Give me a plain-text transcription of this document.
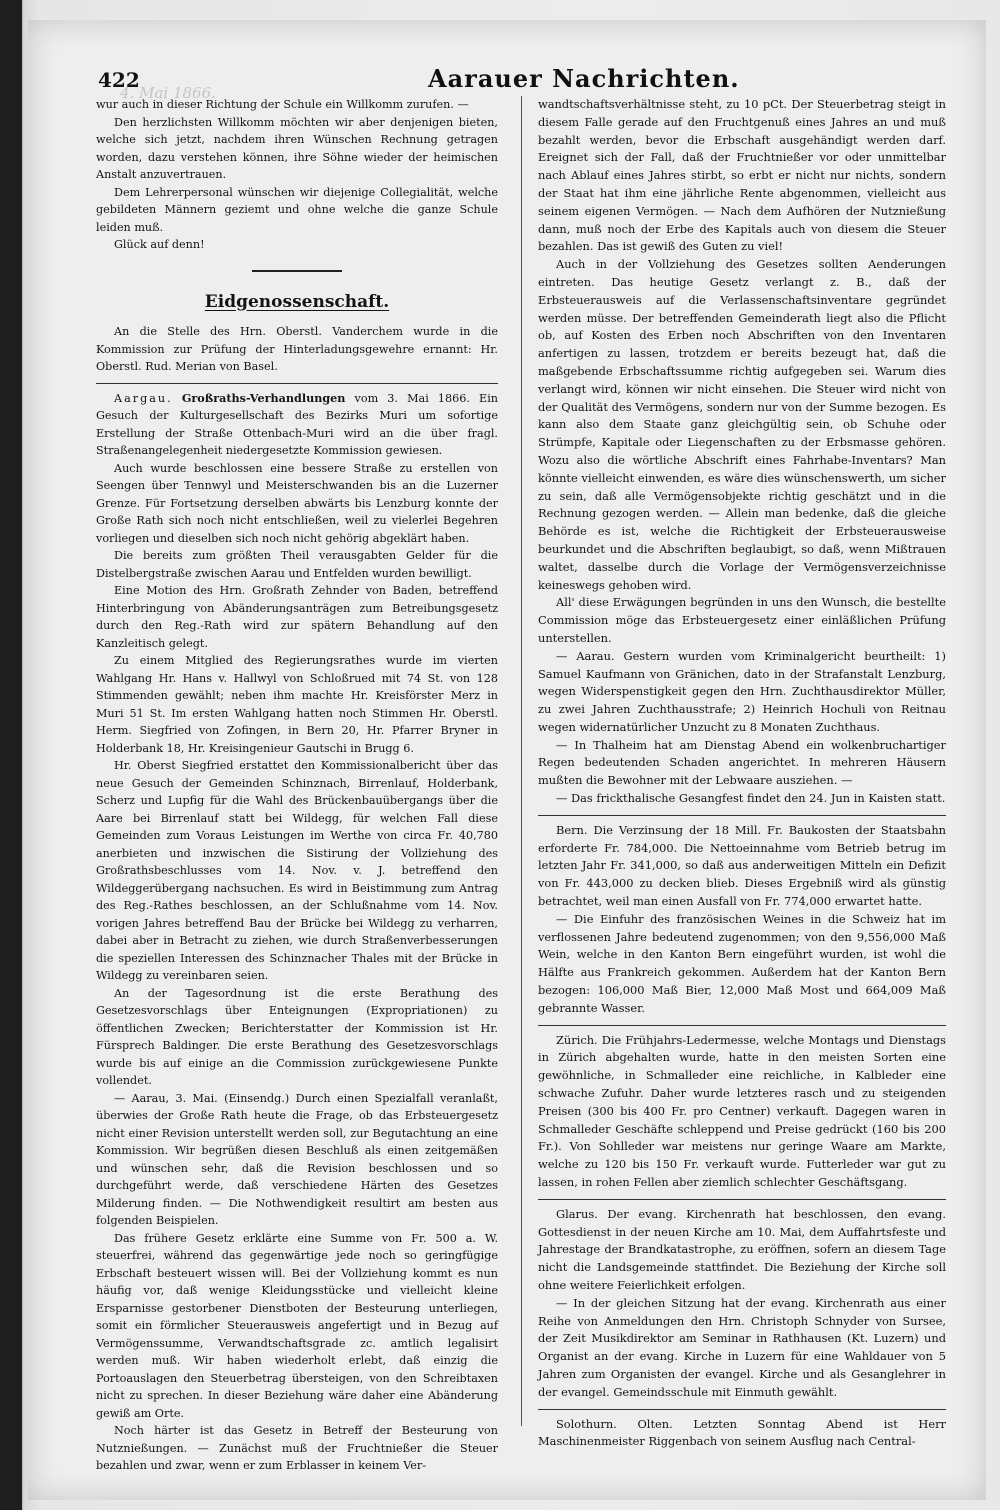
4. Mai 1866.
422	Aarauer Nachrichten.

wur auch in dieser Richtung der Schule ein Willkomm zurufen. —

Den herzlichsten Willkomm möchten wir aber denjenigen bieten, welche sich jetzt, nachdem ihren Wünschen Rechnung getragen worden, dazu verstehen können, ihre Söhne wieder der heimischen Anstalt anzuvertrauen.

Dem Lehrerpersonal wünschen wir diejenige Collegialität, welche gebildeten Männern geziemt und ohne welche die ganze Schule leiden muß.

Glück auf denn!

Eidgenossenschaft.

An die Stelle des Hrn. Oberstl. Vanderchem wurde in die Kommission zur Prüfung der Hinterladungsgewehre ernannt: Hr. Oberstl. Rud. Merian von Basel.

Aargau. Großraths-Verhandlungen vom 3. Mai 1866. Ein Gesuch der Kulturgesellschaft des Bezirks Muri um sofortige Erstellung der Straße Ottenbach-Muri wird an die über fragl. Straßenangelegenheit niedergesetzte Kommission gewiesen.

Auch wurde beschlossen eine bessere Straße zu erstellen von Seengen über Tennwyl und Meisterschwanden bis an die Luzerner Grenze. Für Fortsetzung derselben abwärts bis Lenzburg konnte der Große Rath sich noch nicht entschließen, weil zu vielerlei Begehren vorliegen und dieselben sich noch nicht gehörig abgeklärt haben.

Die bereits zum größten Theil verausgabten Gelder für die Distelbergstraße zwischen Aarau und Entfelden wurden bewilligt.

Eine Motion des Hrn. Großrath Zehnder von Baden, betreffend Hinterbringung von Abänderungsanträgen zum Betreibungsgesetz durch den Reg.-Rath wird zur spätern Behandlung auf den Kanzleitisch gelegt.

Zu einem Mitglied des Regierungsrathes wurde im vierten Wahlgang Hr. Hans v. Hallwyl von Schloßrued mit 74 St. von 128 Stimmenden gewählt; neben ihm machte Hr. Kreisförster Merz in Muri 51 St. Im ersten Wahlgang hatten noch Stimmen Hr. Oberstl. Herm. Siegfried von Zofingen, in Bern 20, Hr. Pfarrer Bryner in Holderbank 18, Hr. Kreisingenieur Gautschi in Brugg 6.

Hr. Oberst Siegfried erstattet den Kommissionalbericht über das neue Gesuch der Gemeinden Schinznach, Birrenlauf, Holderbank, Scherz und Lupfig für die Wahl des Brückenbauübergangs über die Aare bei Birrenlauf statt bei Wildegg, für welchen Fall diese Gemeinden zum Voraus Leistungen im Werthe von circa Fr. 40,780 anerbieten und inzwischen die Sistirung der Vollziehung des Großrathsbeschlusses vom 14. Nov. v. J. betreffend den Wildeggerübergang nachsuchen. Es wird in Beistimmung zum Antrag des Reg.-Rathes beschlossen, an der Schlußnahme vom 14. Nov. vorigen Jahres betreffend Bau der Brücke bei Wildegg zu verharren, dabei aber in Betracht zu ziehen, wie durch Straßenverbesserungen die speziellen Interessen des Schinznacher Thales mit der Brücke in Wildegg zu vereinbaren seien.

An der Tagesordnung ist die erste Berathung des Gesetzesvorschlags über Enteignungen (Expropriationen) zu öffentlichen Zwecken; Berichterstatter der Kommission ist Hr. Fürsprech Baldinger. Die erste Berathung des Gesetzesvorschlags wurde bis auf einige an die Commission zurückgewiesene Punkte vollendet.

— Aarau, 3. Mai. (Einsendg.) Durch einen Spezialfall veranlaßt, überwies der Große Rath heute die Frage, ob das Erbsteuergesetz nicht einer Revision unterstellt werden soll, zur Begutachtung an eine Kommission. Wir begrüßen diesen Beschluß als einen zeitgemäßen und wünschen sehr, daß die Revision beschlossen und so durchgeführt werde, daß verschiedene Härten des Gesetzes Milderung finden. — Die Nothwendigkeit resultirt am besten aus folgenden Beispielen.

Das frühere Gesetz erklärte eine Summe von Fr. 500 a. W. steuerfrei, während das gegenwärtige jede noch so geringfügige Erbschaft besteuert wissen will. Bei der Vollziehung kommt es nun häufig vor, daß wenige Kleidungsstücke und vielleicht kleine Ersparnisse gestorbener Dienstboten der Besteurung unterliegen, somit ein förmlicher Steuerausweis angefertigt und in Bezug auf Vermögenssumme, Verwandtschaftsgrade zc. amtlich legalisirt werden muß. Wir haben wiederholt erlebt, daß einzig die Portoauslagen den Steuerbetrag übersteigen, von den Schreibtaxen nicht zu sprechen. In dieser Beziehung wäre daher eine Abänderung gewiß am Orte.

Noch härter ist das Gesetz in Betreff der Besteurung von Nutznießungen. — Zunächst muß der Fruchtnießer die Steuer bezahlen und zwar, wenn er zum Erblasser in keinem Ver-

wandtschaftsverhältnisse steht, zu 10 pCt. Der Steuerbetrag steigt in diesem Falle gerade auf den Fruchtgenuß eines Jahres an und muß bezahlt werden, bevor die Erbschaft ausgehändigt werden darf. Ereignet sich der Fall, daß der Fruchtnießer vor oder unmittelbar nach Ablauf eines Jahres stirbt, so erbt er nicht nur nichts, sondern der Staat hat ihm eine jährliche Rente abgenommen, vielleicht aus seinem eigenen Vermögen. — Nach dem Aufhören der Nutznießung dann, muß noch der Erbe des Kapitals auch von diesem die Steuer bezahlen. Das ist gewiß des Guten zu viel!

Auch in der Vollziehung des Gesetzes sollten Aenderungen eintreten. Das heutige Gesetz verlangt z. B., daß der Erbsteuerausweis auf die Verlassenschaftsinventare gegründet werden müsse. Der betreffenden Gemeinderath liegt also die Pflicht ob, auf Kosten des Erben noch Abschriften von den Inventaren anfertigen zu lassen, trotzdem er bereits bezeugt hat, daß die maßgebende Erbschaftssumme richtig aufgegeben sei. Warum dies verlangt wird, können wir nicht einsehen. Die Steuer wird nicht von der Qualität des Vermögens, sondern nur von der Summe bezogen. Es kann also dem Staate ganz gleichgültig sein, ob Schuhe oder Strümpfe, Kapitale oder Liegenschaften zu der Erbsmasse gehören. Wozu also die wörtliche Abschrift eines Fahrhabe-Inventars? Man könnte vielleicht einwenden, es wäre dies wünschenswerth, um sicher zu sein, daß alle Vermögensobjekte richtig geschätzt und in die Rechnung gezogen werden. — Allein man bedenke, daß die gleiche Behörde es ist, welche die Richtigkeit der Erbsteuerausweise beurkundet und die Abschriften beglaubigt, so daß, wenn Mißtrauen waltet, dasselbe durch die Vorlage der Vermögensverzeichnisse keineswegs gehoben wird.

All' diese Erwägungen begründen in uns den Wunsch, die bestellte Commission möge das Erbsteuergesetz einer einläßlichen Prüfung unterstellen.

— Aarau. Gestern wurden vom Kriminalgericht beurtheilt: 1) Samuel Kaufmann von Gränichen, dato in der Strafanstalt Lenzburg, wegen Widerspenstigkeit gegen den Hrn. Zuchthausdirektor Müller, zu zwei Jahren Zuchthausstrafe; 2) Heinrich Hochuli von Reitnau wegen widernatürlicher Unzucht zu 8 Monaten Zuchthaus.

— In Thalheim hat am Dienstag Abend ein wolkenbruchartiger Regen bedeutenden Schaden angerichtet. In mehreren Häusern mußten die Bewohner mit der Lebwaare ausziehen. —

— Das frickthalische Gesangfest findet den 24. Jun in Kaisten statt.

Bern. Die Verzinsung der 18 Mill. Fr. Baukosten der Staatsbahn erforderte Fr. 784,000. Die Nettoeinnahme vom Betrieb betrug im letzten Jahr Fr. 341,000, so daß aus anderweitigen Mitteln ein Defizit von Fr. 443,000 zu decken blieb. Dieses Ergebniß wird als günstig betrachtet, weil man einen Ausfall von Fr. 774,000 erwartet hatte.

— Die Einfuhr des französischen Weines in die Schweiz hat im verflossenen Jahre bedeutend zugenommen; von den 9,556,000 Maß Wein, welche in den Kanton Bern eingeführt wurden, ist wohl die Hälfte aus Frankreich gekommen. Außerdem hat der Kanton Bern bezogen: 106,000 Maß Bier, 12,000 Maß Most und 664,009 Maß gebrannte Wasser.

Zürich. Die Frühjahrs-Ledermesse, welche Montags und Dienstags in Zürich abgehalten wurde, hatte in den meisten Sorten eine gewöhnliche, in Schmalleder eine reichliche, in Kalbleder eine schwache Zufuhr. Daher wurde letzteres rasch und zu steigenden Preisen (300 bis 400 Fr. pro Centner) verkauft. Dagegen waren in Schmalleder Geschäfte schleppend und Preise gedrückt (160 bis 200 Fr.). Von Sohlleder war meistens nur geringe Waare am Markte, welche zu 120 bis 150 Fr. verkauft wurde. Futterleder war gut zu lassen, in rohen Fellen aber ziemlich schlechter Geschäftsgang.

Glarus. Der evang. Kirchenrath hat beschlossen, den evang. Gottesdienst in der neuen Kirche am 10. Mai, dem Auffahrtsfeste und Jahrestage der Brandkatastrophe, zu eröffnen, sofern an diesem Tage nicht die Landsgemeinde stattfindet. Die Beziehung der Kirche soll ohne weitere Feierlichkeit erfolgen.

— In der gleichen Sitzung hat der evang. Kirchenrath aus einer Reihe von Anmeldungen den Hrn. Christoph Schnyder von Sursee, der Zeit Musikdirektor am Seminar in Rathhausen (Kt. Luzern) und Organist an der evang. Kirche in Luzern für eine Wahldauer von 5 Jahren zum Organisten der evangel. Kirche und als Gesanglehrer in der evangel. Gemeindsschule mit Einmuth gewählt.

Solothurn. Olten. Letzten Sonntag Abend ist Herr Maschinenmeister Riggenbach von seinem Ausflug nach Central-
